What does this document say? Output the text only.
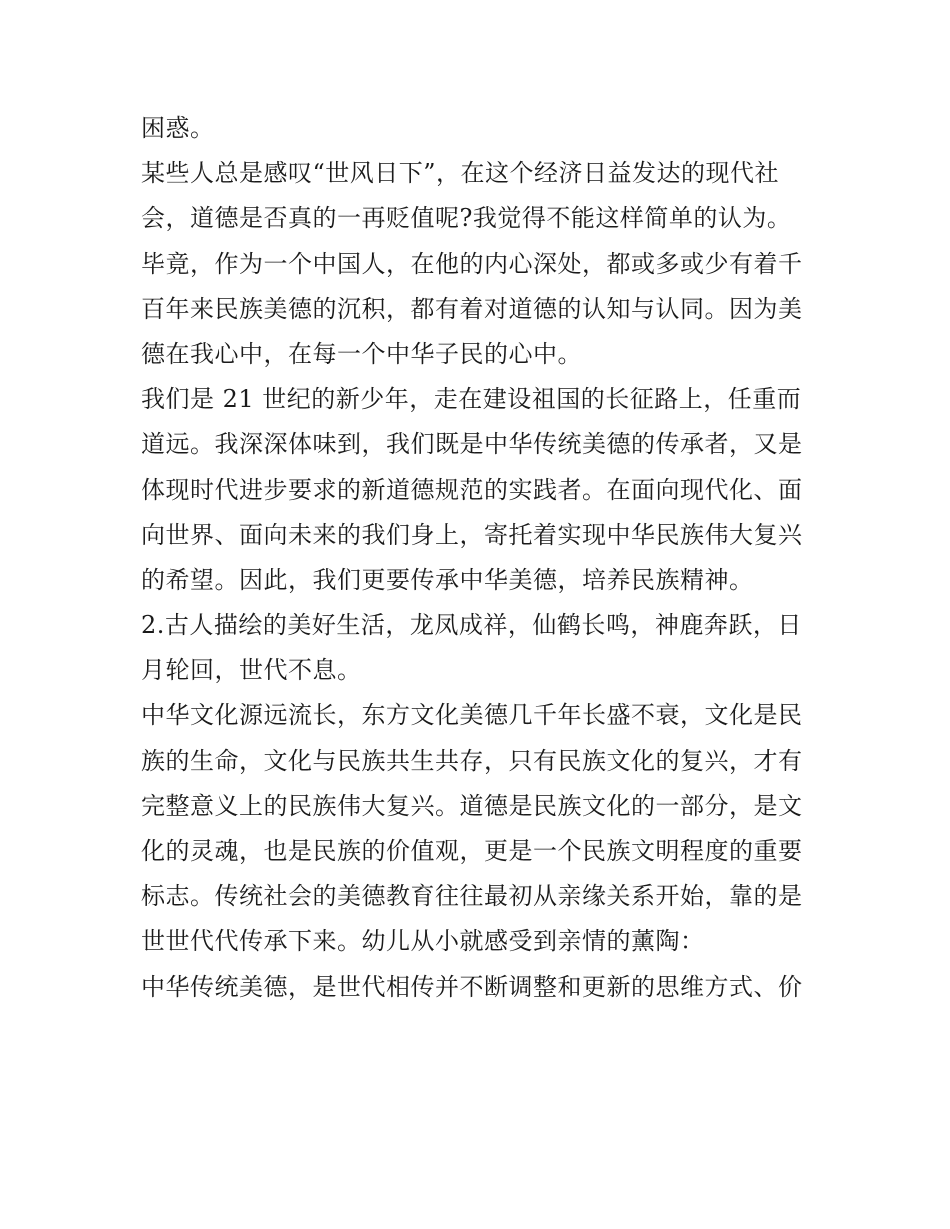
困惑。
某些人总是感叹“世风日下”，在这个经济日益发达的现代社
会，道德是否真的一再贬值呢?我觉得不能这样简单的认为。
毕竟，作为一个中国人，在他的内心深处，都或多或少有着千
百年来民族美德的沉积，都有着对道德的认知与认同。因为美
德在我心中，在每一个中华子民的心中。
我们是 21 世纪的新少年，走在建设祖国的长征路上，任重而
道远。我深深体味到，我们既是中华传统美德的传承者，又是
体现时代进步要求的新道德规范的实践者。在面向现代化、面
向世界、面向未来的我们身上，寄托着实现中华民族伟大复兴
的希望。因此，我们更要传承中华美德，培养民族精神。
2.古人描绘的美好生活，龙凤成祥，仙鹤长鸣，神鹿奔跃，日
月轮回，世代不息。
中华文化源远流长，东方文化美德几千年长盛不衰，文化是民
族的生命，文化与民族共生共存，只有民族文化的复兴，才有
完整意义上的民族伟大复兴。道德是民族文化的一部分，是文
化的灵魂，也是民族的价值观，更是一个民族文明程度的重要
标志。传统社会的美德教育往往最初从亲缘关系开始，靠的是
世世代代传承下来。幼儿从小就感受到亲情的薰陶：
中华传统美德，是世代相传并不断调整和更新的思维方式、价
